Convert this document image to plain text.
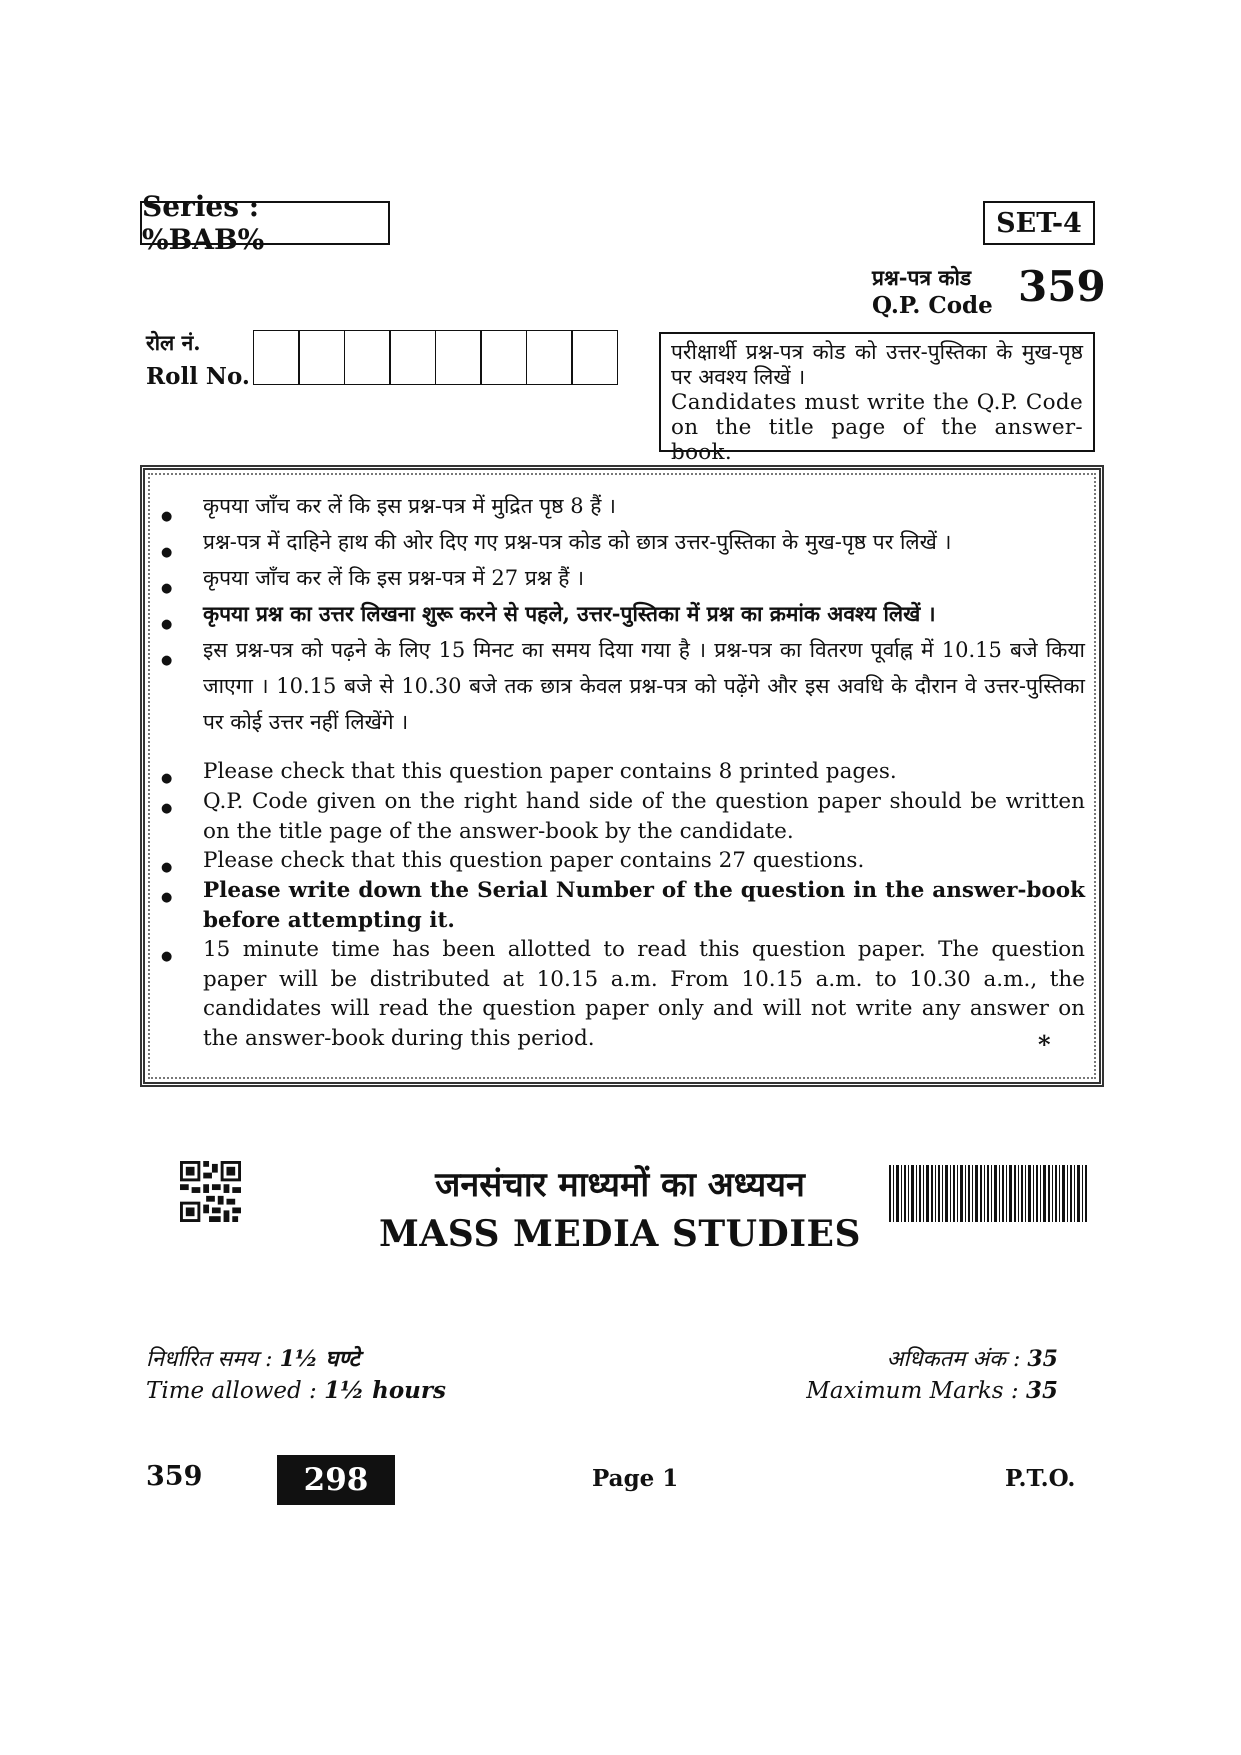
Series : %BAB%	SET-4
प्रश्न-पत्र कोड
Q.P. Code 359
रोल नं.
Roll No.

परीक्षार्थी प्रश्न-पत्र कोड को उत्तर-पुस्तिका के मुख-पृष्ठ पर अवश्य लिखें ।

Candidates must write the Q.P. Code on the title page of the answer-book.

● कृपया जाँच कर लें कि इस प्रश्न-पत्र में मुद्रित पृष्ठ 8 हैं ।
● प्रश्न-पत्र में दाहिने हाथ की ओर दिए गए प्रश्न-पत्र कोड को छात्र उत्तर-पुस्तिका के मुख-पृष्ठ पर लिखें ।
● कृपया जाँच कर लें कि इस प्रश्न-पत्र में 27 प्रश्न हैं ।
● कृपया प्रश्न का उत्तर लिखना शुरू करने से पहले, उत्तर-पुस्तिका में प्रश्न का क्रमांक अवश्य लिखें ।
● इस प्रश्न-पत्र को पढ़ने के लिए 15 मिनट का समय दिया गया है । प्रश्न-पत्र का वितरण पूर्वाह्न में 10.15 बजे किया जाएगा । 10.15 बजे से 10.30 बजे तक छात्र केवल प्रश्न-पत्र को पढ़ेंगे और इस अवधि के दौरान वे उत्तर-पुस्तिका पर कोई उत्तर नहीं लिखेंगे ।
● Please check that this question paper contains 8 printed pages.
● Q.P. Code given on the right hand side of the question paper should be written on the title page of the answer-book by the candidate.
● Please check that this question paper contains 27 questions.
● Please write down the Serial Number of the question in the answer-book before attempting it.
● 15 minute time has been allotted to read this question paper. The question paper will be distributed at 10.15 a.m. From 10.15 a.m. to 10.30 a.m., the candidates will read the question paper only and will not write any answer on the answer-book during this period.	*
जनसंचार माध्यमों का अध्ययन
MASS MEDIA STUDIES
निर्धारित समय : 1½ घण्टे
Time allowed : 1½ hours
अधिकतम अंक : 35
Maximum Marks : 35
359	298	Page 1	P.T.O.
